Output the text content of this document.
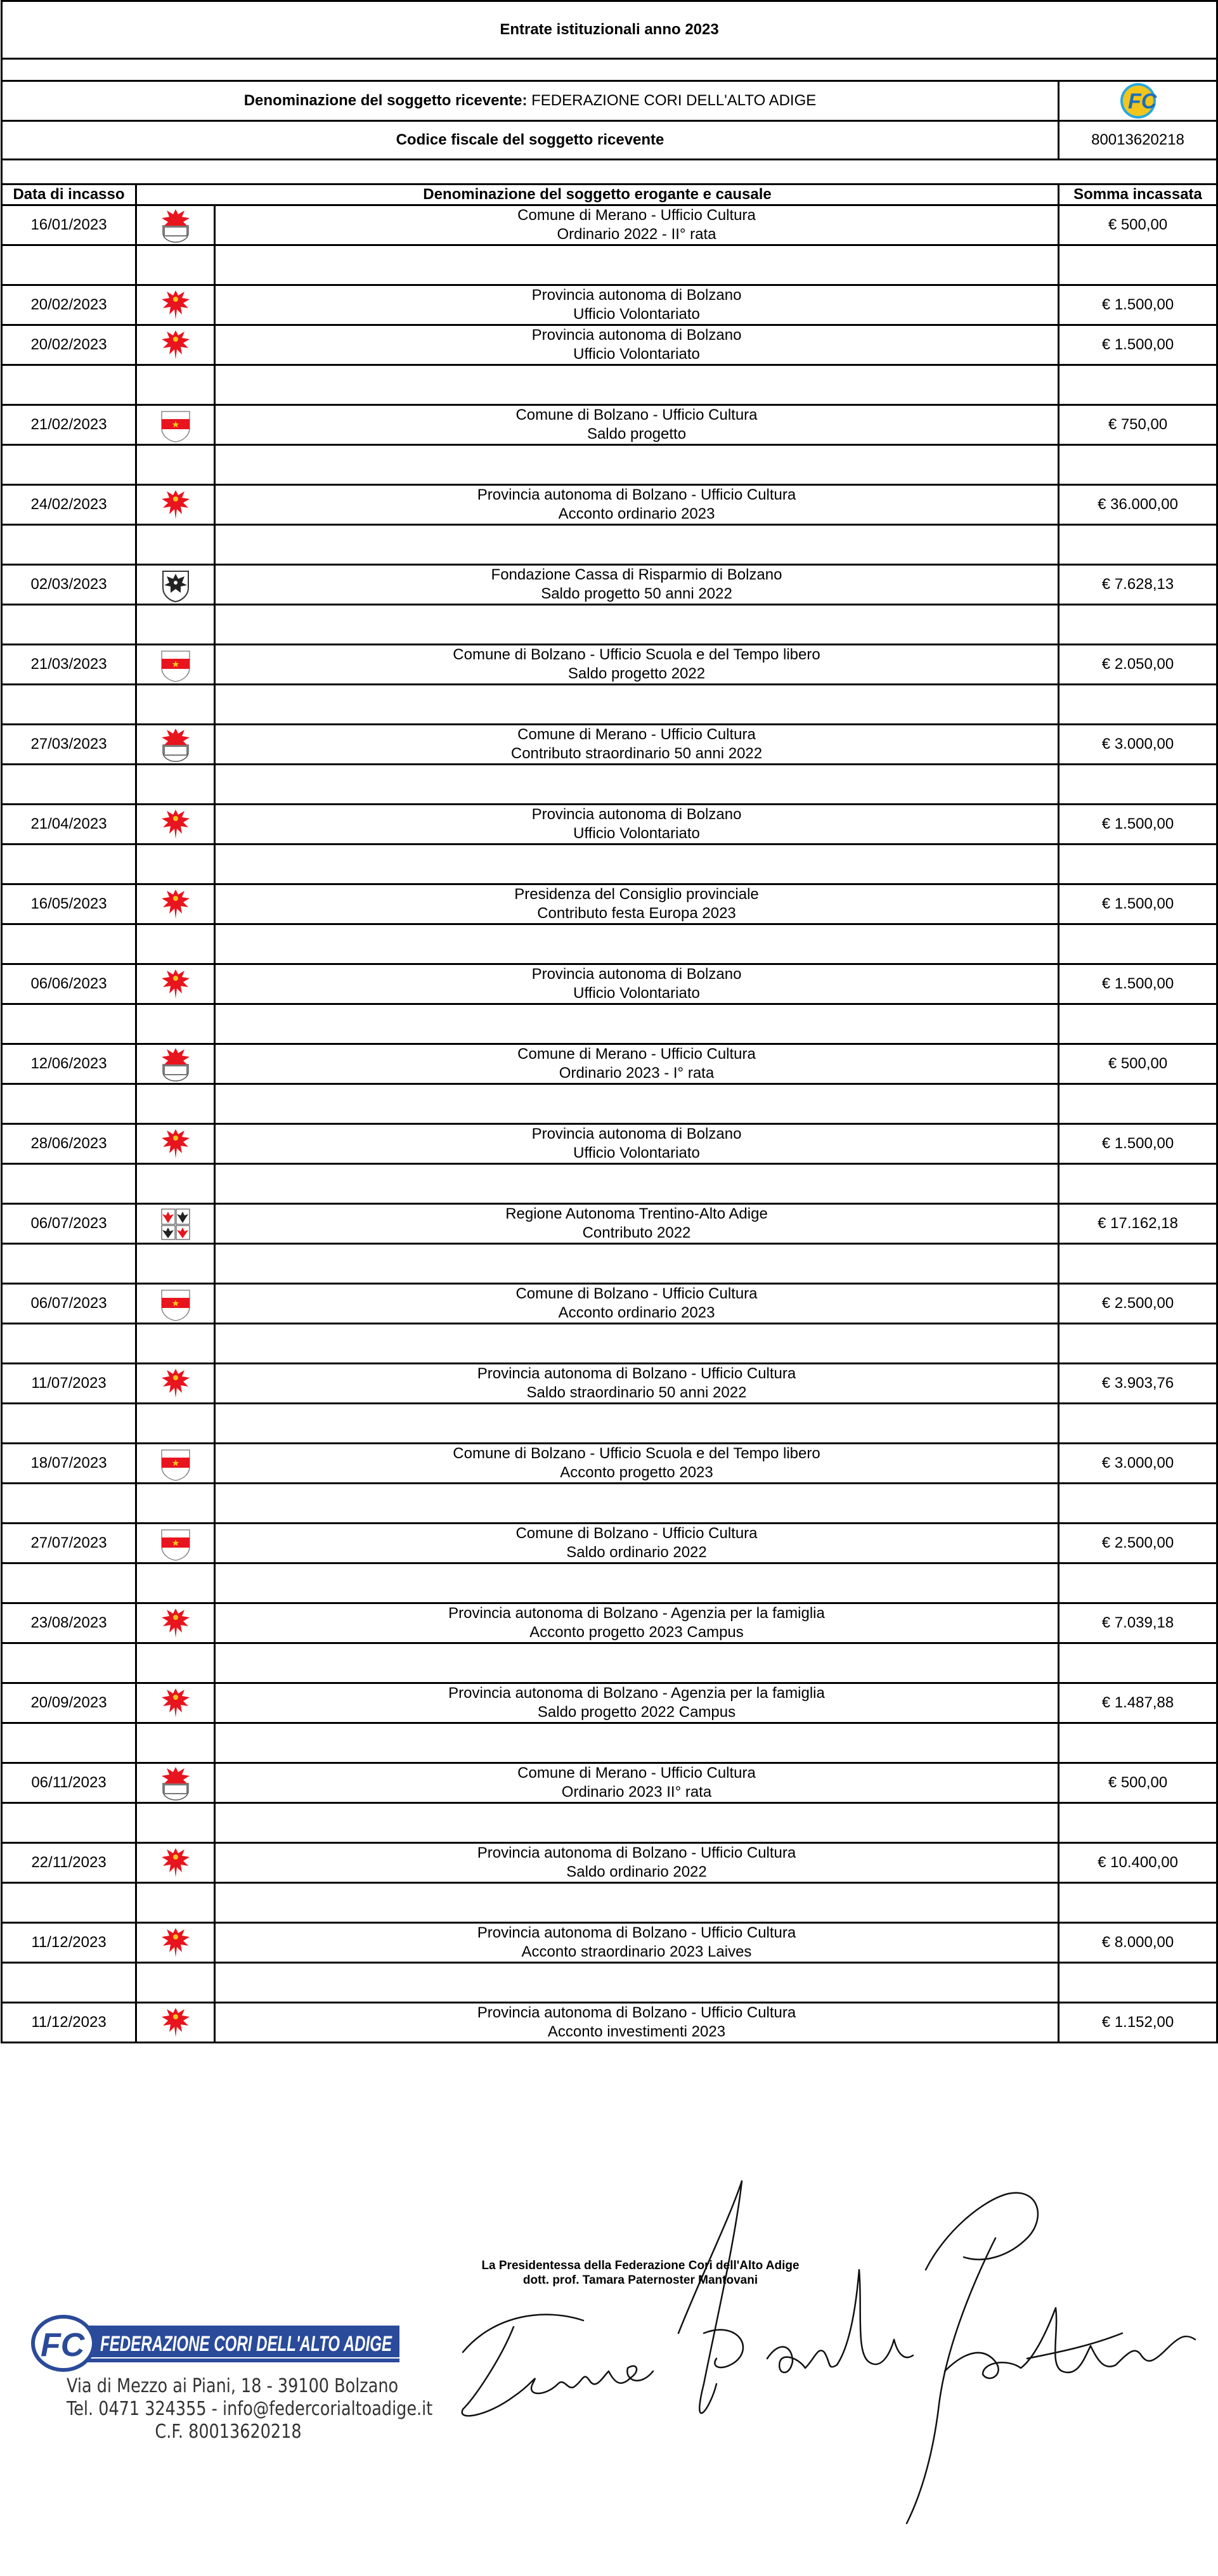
Entrate istituzionali anno 2023			

Denominazione del soggetto ricevente: FEDERAZIONE CORI DELL'ALTO ADIGE			FC

Codice fiscale del soggetto ricevente			80013620218

Data di incasso	Denominazione del soggetto erogante e causale		Somma incassata
16/01/2023		Comune di Merano - Ufficio Cultura
Ordinario 2022 - II° rata	€ 500,00

20/02/2023		Provincia autonoma di Bolzano
Ufficio Volontariato	€ 1.500,00
20/02/2023		Provincia autonoma di Bolzano
Ufficio Volontariato	€ 1.500,00

21/02/2023		Comune di Bolzano - Ufficio Cultura
Saldo progetto	€ 750,00

24/02/2023		Provincia autonoma di Bolzano - Ufficio Cultura
Acconto ordinario 2023	€ 36.000,00

02/03/2023		Fondazione Cassa di Risparmio di Bolzano
Saldo progetto 50 anni 2022	€ 7.628,13

21/03/2023		Comune di Bolzano - Ufficio Scuola e del Tempo libero
Saldo progetto 2022	€ 2.050,00

27/03/2023		Comune di Merano - Ufficio Cultura
Contributo straordinario 50 anni 2022	€ 3.000,00

21/04/2023		Provincia autonoma di Bolzano
Ufficio Volontariato	€ 1.500,00

16/05/2023		Presidenza del Consiglio provinciale
Contributo festa Europa 2023	€ 1.500,00

06/06/2023		Provincia autonoma di Bolzano
Ufficio Volontariato	€ 1.500,00

12/06/2023		Comune di Merano - Ufficio Cultura
Ordinario 2023 - I° rata	€ 500,00

28/06/2023		Provincia autonoma di Bolzano
Ufficio Volontariato	€ 1.500,00

06/07/2023		Regione Autonoma Trentino-Alto Adige
Contributo 2022	€ 17.162,18

06/07/2023		Comune di Bolzano - Ufficio Cultura
Acconto ordinario 2023	€ 2.500,00

11/07/2023		Provincia autonoma di Bolzano - Ufficio Cultura
Saldo straordinario 50 anni 2022	€ 3.903,76

18/07/2023		Comune di Bolzano - Ufficio Scuola e del Tempo libero
Acconto progetto 2023	€ 3.000,00

27/07/2023		Comune di Bolzano - Ufficio Cultura
Saldo ordinario 2022	€ 2.500,00

23/08/2023		Provincia autonoma di Bolzano - Agenzia per la famiglia
Acconto progetto 2023 Campus	€ 7.039,18

20/09/2023		Provincia autonoma di Bolzano - Agenzia per la famiglia
Saldo progetto 2022 Campus	€ 1.487,88

06/11/2023		Comune di Merano - Ufficio Cultura
Ordinario 2023 II° rata	€ 500,00

22/11/2023		Provincia autonoma di Bolzano - Ufficio Cultura
Saldo ordinario 2022	€ 10.400,00

11/12/2023		Provincia autonoma di Bolzano - Ufficio Cultura
Acconto straordinario 2023 Laives	€ 8.000,00

11/12/2023		Provincia autonoma di Bolzano - Ufficio Cultura
Acconto investimenti 2023	€ 1.152,00
La Presidentessa della Federazione Cori dell'Alto Adige
dott. prof. Tamara Paternoster Mantovani
FC FEDERAZIONE CORI DELL'ALTO ADIGE
Via di Mezzo ai Piani, 18 - 39100 Bolzano
Tel. 0471 324355 - info@federcorialtoadige.it
C.F. 80013620218
